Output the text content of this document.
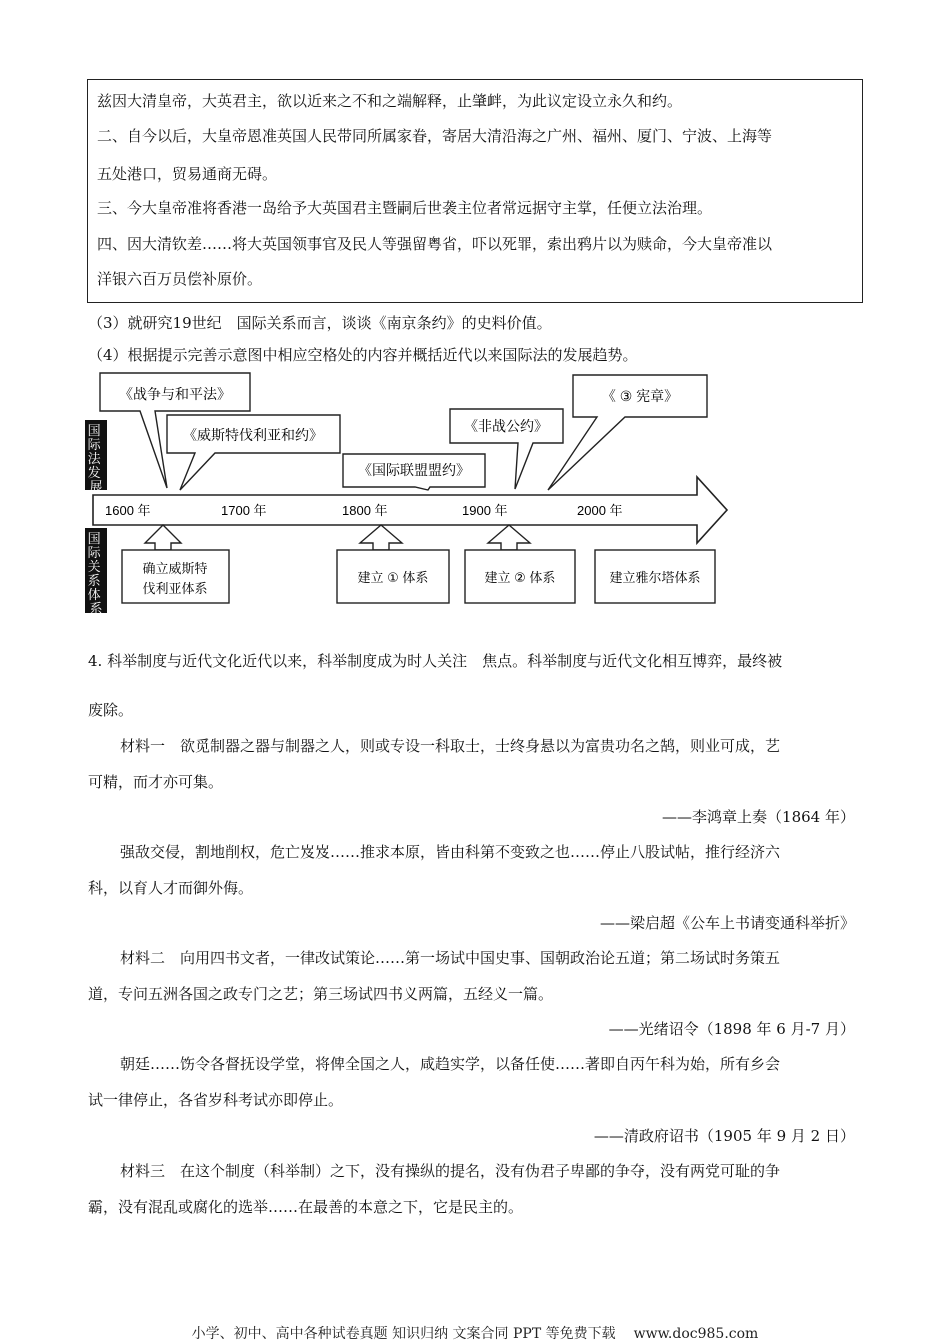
兹因大清皇帝，大英君主，欲以近来之不和之端解释，止肇衅，为此议定设立永久和约。
二、自今以后，大皇帝恩准英国人民带同所属家眷，寄居大清沿海之广州、福州、厦门、宁波、上海等
五处港口，贸易通商无碍。
三、今大皇帝准将香港一岛给予大英国君主暨嗣后世袭主位者常远据守主掌，任便立法治理。
四、因大清钦差……将大英国领事官及民人等强留粤省，吓以死罪，索出鸦片以为赎命，今大皇帝准以
洋银六百万员偿补原价。
（3）就研究19世纪　国际关系而言，谈谈《南京条约》的史料价值。
（4）根据提示完善示意图中相应空格处的内容并概括近代以来国际法的发展趋势。
国 际 法 发 展
国 际 关 系 体 系
1600 年	1700 年	1800 年	1900 年	2000 年
《战争与和平法》
《威斯特伐利亚和约》
《国际联盟盟约》
《非战公约》
《 ③ 宪章》
确立威斯特
伐利亚体系
建立 ① 体系	建立 ② 体系	建立雅尔塔体系
4. 科举制度与近代文化近代以来，科举制度成为时人关注　焦点。科举制度与近代文化相互博弈，最终被
废除。
材料一　欲觅制器之器与制器之人，则或专设一科取士，士终身悬以为富贵功名之鹄，则业可成，艺
可精，而才亦可集。
——李鸿章上奏（1864 年）
强敌交侵，割地削权，危亡岌岌……推求本原，皆由科第不变致之也……停止八股试帖，推行经济六
科，以育人才而御外侮。
——梁启超《公车上书请变通科举折》
材料二　向用四书文者，一律改试策论……第一场试中国史事、国朝政治论五道；第二场试时务策五
道，专问五洲各国之政专门之艺；第三场试四书义两篇，五经义一篇。
——光绪诏令（1898 年 6 月-7 月）
朝廷……饬令各督抚设学堂，将俾全国之人，咸趋实学，以备任使……著即自丙午科为始，所有乡会
试一律停止，各省岁科考试亦即停止。
——清政府诏书（1905 年 9 月 2 日）
材料三　在这个制度（科举制）之下，没有操纵的提名，没有伪君子卑鄙的争夺，没有两党可耻的争
霸，没有混乱或腐化的选举……在最善的本意之下，它是民主的。
小学、初中、高中各种试卷真题 知识归纳 文案合同 PPT 等免费下载 www.doc985.com
